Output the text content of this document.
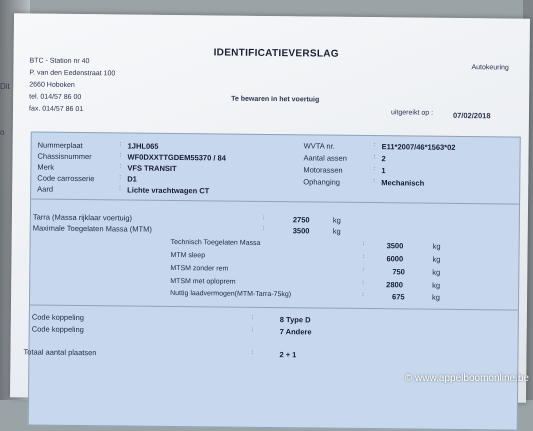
Dit
o
BTC - Station nr 40
P. van den Eedenstraat 100
2660 Hoboken
tel. 014/57 86 00
fax. 014/57 86 01
IDENTIFICATIEVERSLAG
Autokeuring
Te bewaren in het voertuig
uitgereikt op :	07/02/2018
Nummerplaat	: 1JHL065
Chassisnummer	: WF0DXXTTGDEM55370 / 84
Merk	: VFS TRANSIT
Code carrosserie	: D1
Aard	: Lichte vrachtwagen CT
WVTA nr.	: E11*2007/46*1563*02
Aantal assen	: 2
Motorassen	: 1
Ophanging	: Mechanisch
Tarra (Massa rijklaar voertuig)	:	2750	kg
Maximale Toegelaten Massa (MTM)	:	3500	kg
Technisch Toegelaten Massa	:	3500	kg
MTM sleep	:	6000	kg
MTSM zonder rem	:	750	kg
MTSM met oploprem	:	2800	kg
Nuttig laadvermogen(MTM-Tarra-75kg)	:	675	kg
Code koppeling	:	8 Type D
Code koppeling	:	7 Andere
Totaal aantal plaatsen	:	2 + 1
© www.appelboomonline.be
